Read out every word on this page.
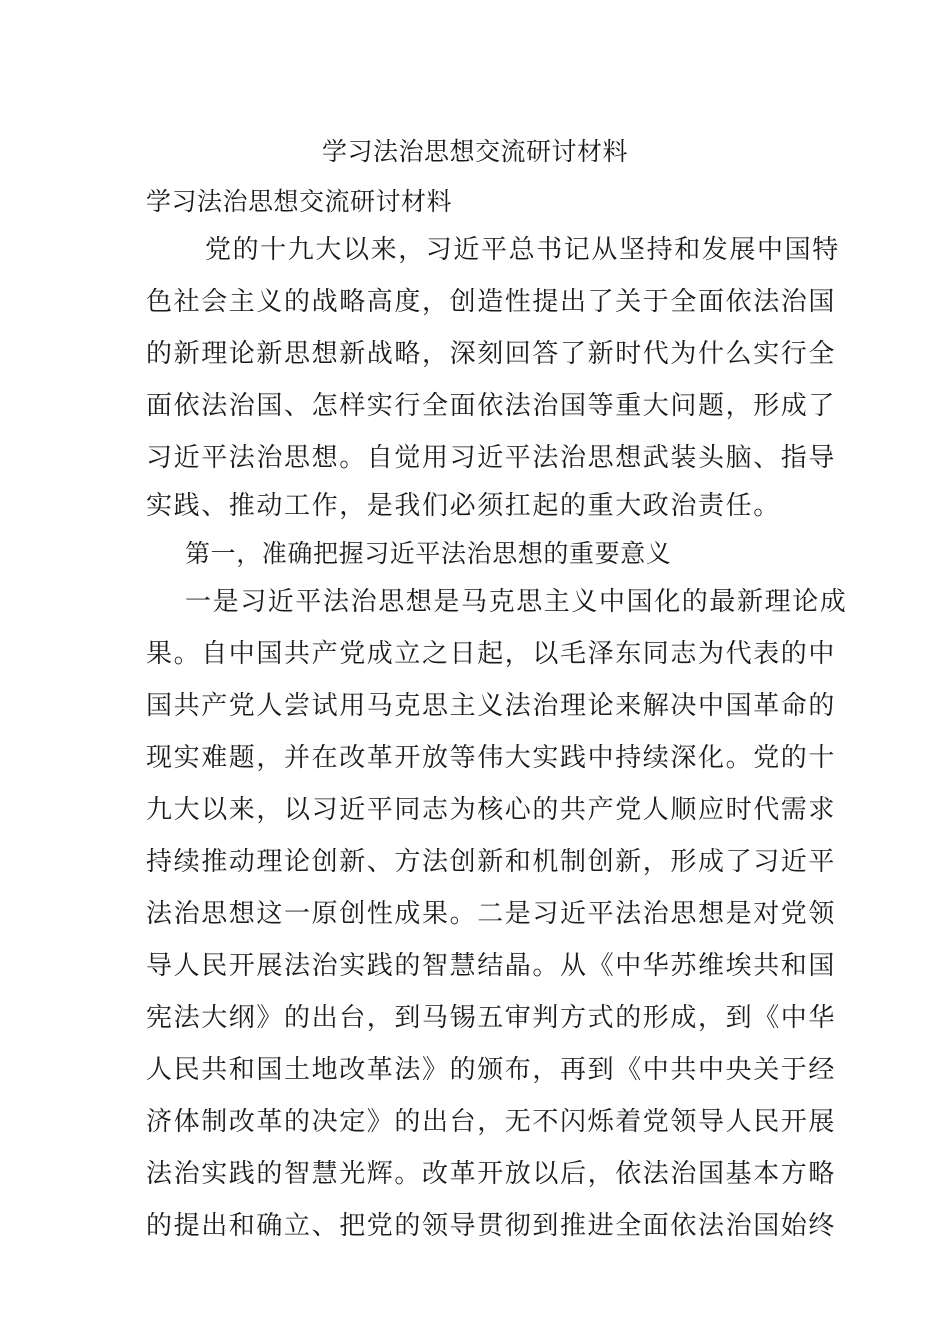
学习法治思想交流研讨材料
学习法治思想交流研讨材料
党的十九大以来，习近平总书记从坚持和发展中国特
色社会主义的战略高度，创造性提出了关于全面依法治国
的新理论新思想新战略，深刻回答了新时代为什么实行全
面依法治国、怎样实行全面依法治国等重大问题，形成了
习近平法治思想。自觉用习近平法治思想武装头脑、指导
实践、推动工作，是我们必须扛起的重大政治责任。
第一，准确把握习近平法治思想的重要意义
一是习近平法治思想是马克思主义中国化的最新理论成
果。自中国共产党成立之日起，以毛泽东同志为代表的中
国共产党人尝试用马克思主义法治理论来解决中国革命的
现实难题，并在改革开放等伟大实践中持续深化。党的十
九大以来，以习近平同志为核心的共产党人顺应时代需求
持续推动理论创新、方法创新和机制创新，形成了习近平
法治思想这一原创性成果。二是习近平法治思想是对党领
导人民开展法治实践的智慧结晶。从《中华苏维埃共和国
宪法大纲》的出台，到马锡五审判方式的形成，到《中华
人民共和国土地改革法》的颁布，再到《中共中央关于经
济体制改革的决定》的出台，无不闪烁着党领导人民开展
法治实践的智慧光辉。改革开放以后，依法治国基本方略
的提出和确立、把党的领导贯彻到推进全面依法治国始终
